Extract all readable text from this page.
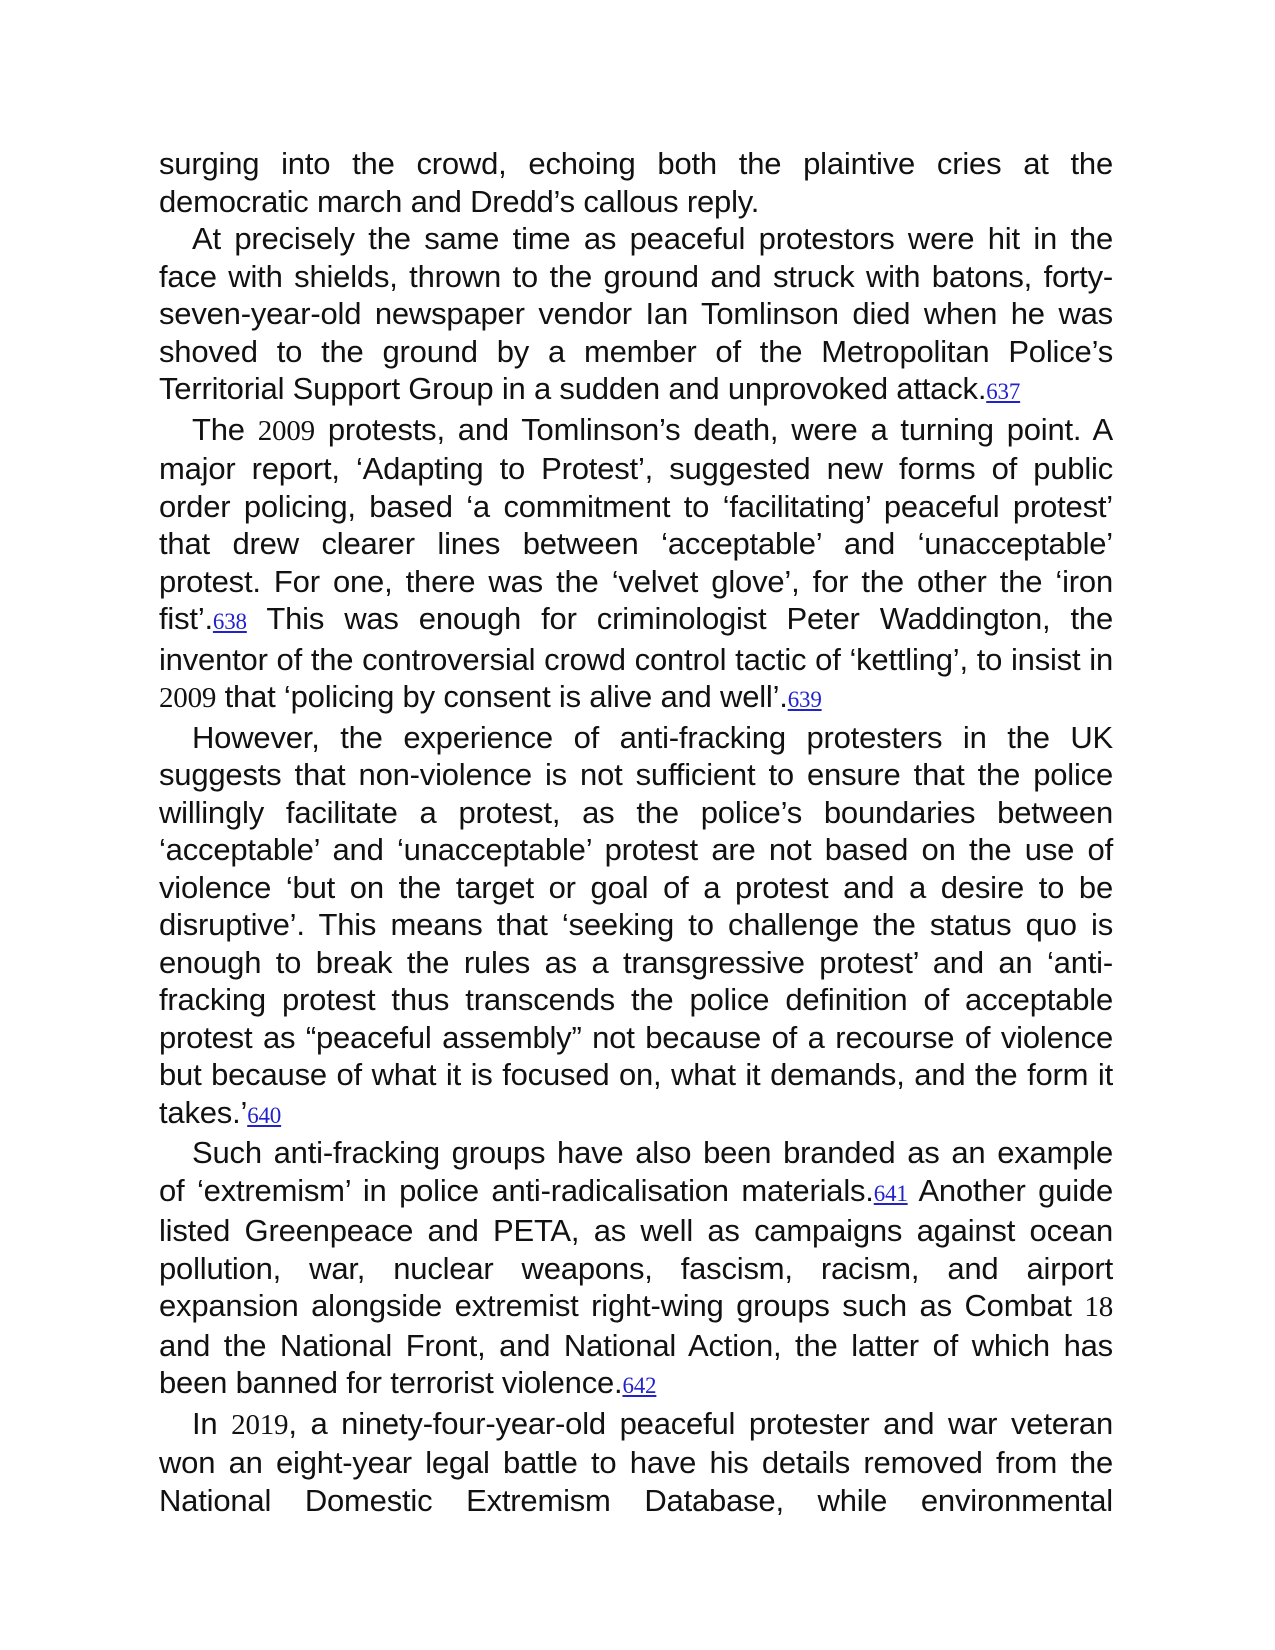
surging into the crowd, echoing both the plaintive cries at the democratic march and Dredd’s callous reply.

At precisely the same time as peaceful protestors were hit in the face with shields, thrown to the ground and struck with batons, forty-seven-year-old newspaper vendor Ian Tomlinson died when he was shoved to the ground by a member of the Metropolitan Police’s Territorial Support Group in a sudden and unprovoked attack.637

The 2009 protests, and Tomlinson’s death, were a turning point. A major report, ‘Adapting to Protest’, suggested new forms of public order policing, based ‘a commitment to ‘facilitating’ peaceful protest’ that drew clearer lines between ‘acceptable’ and ‘unacceptable’ protest. For one, there was the ‘velvet glove’, for the other the ‘iron fist’.638 This was enough for criminologist Peter Waddington, the inventor of the controversial crowd control tactic of ‘kettling’, to insist in 2009 that ‘policing by consent is alive and well’.639

However, the experience of anti-fracking protesters in the UK suggests that non-violence is not sufficient to ensure that the police willingly facilitate a protest, as the police’s boundaries between ‘acceptable’ and ‘unacceptable’ protest are not based on the use of violence ‘but on the target or goal of a protest and a desire to be disruptive’. This means that ‘seeking to challenge the status quo is enough to break the rules as a transgressive protest’ and an ‘anti-fracking protest thus transcends the police definition of acceptable protest as “peaceful assembly” not because of a recourse of violence but because of what it is focused on, what it demands, and the form it takes.’640

Such anti-fracking groups have also been branded as an example of ‘extremism’ in police anti-radicalisation materials.641 Another guide listed Greenpeace and PETA, as well as campaigns against ocean pollution, war, nuclear weapons, fascism, racism, and airport expansion alongside extremist right-wing groups such as Combat 18 and the National Front, and National Action, the latter of which has been banned for terrorist violence.642

In 2019, a ninety-four-year-old peaceful protester and war veteran won an eight-year legal battle to have his details removed from the National Domestic Extremism Database, while environmental
